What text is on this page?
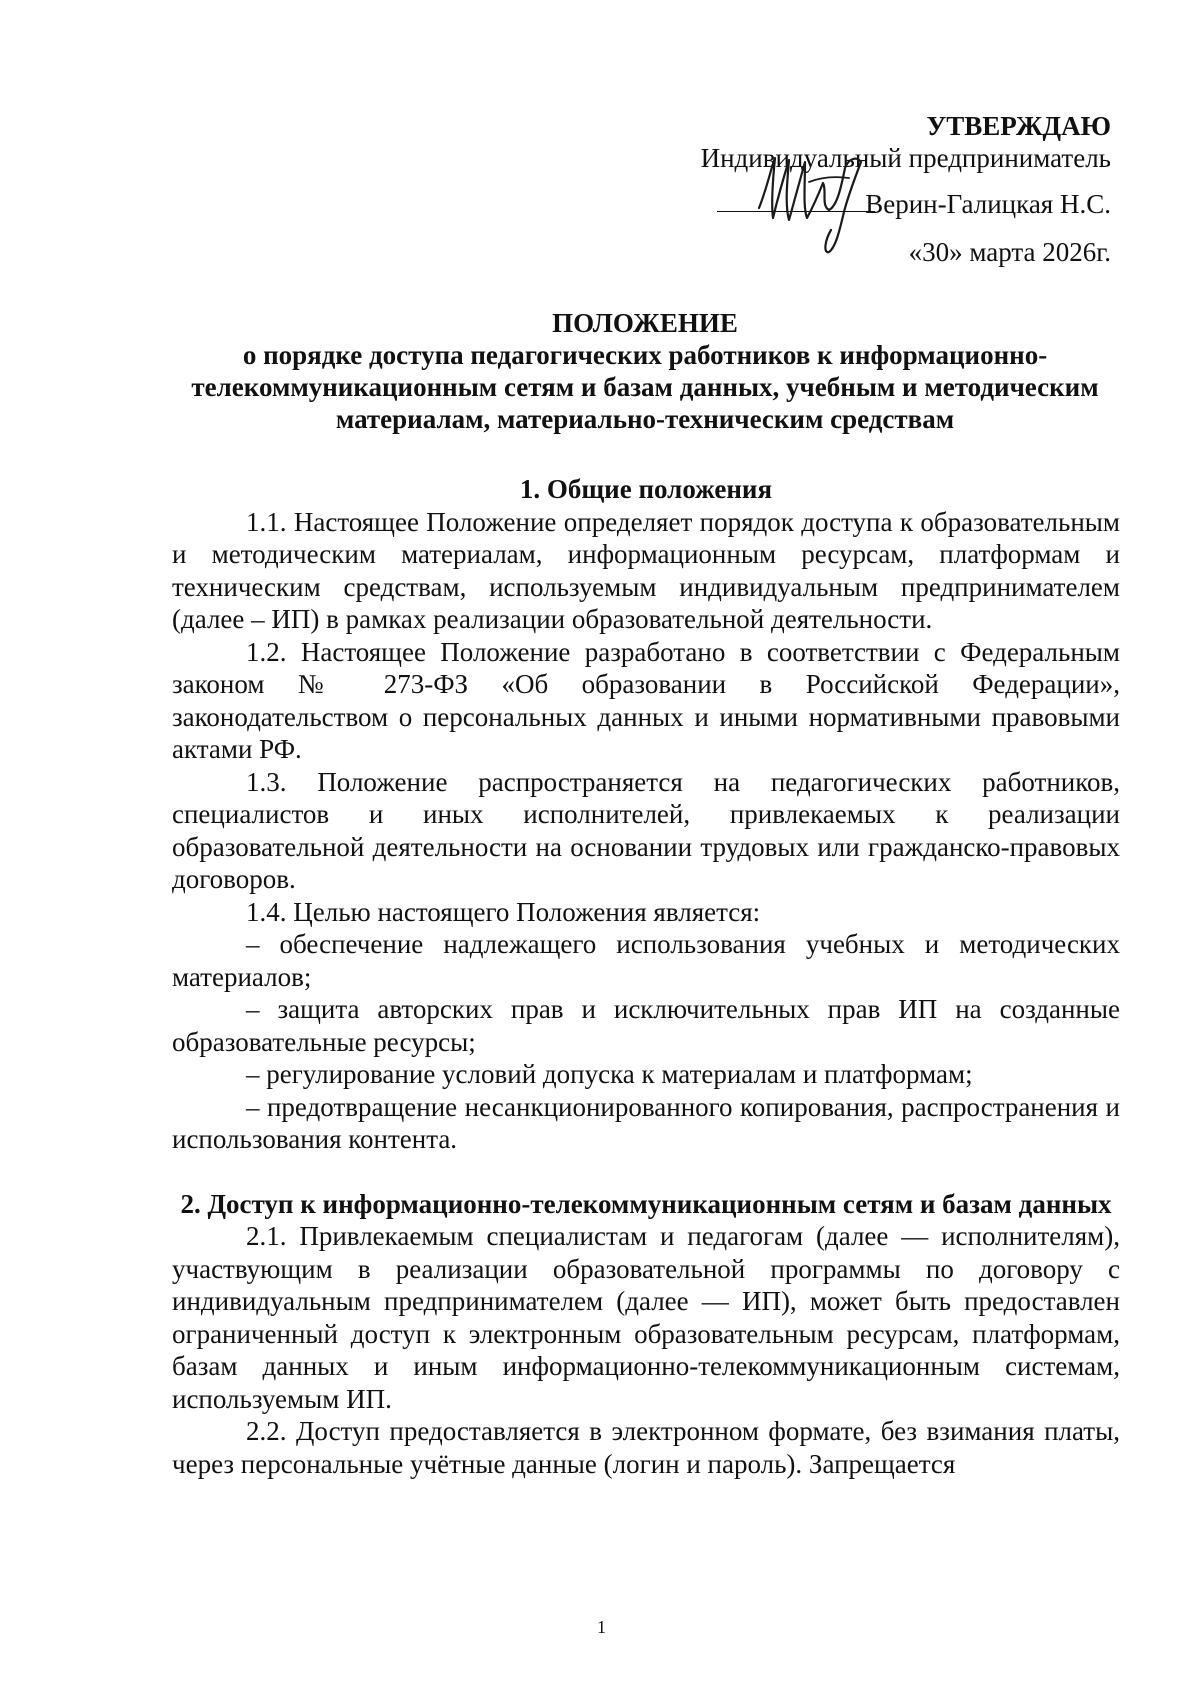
УТВЕРЖДАЮ
Индивидуальный предприниматель
Верин-Галицкая Н.С.
«30» марта 2026г.
ПОЛОЖЕНИЕ
о порядке доступа педагогических работников к информационно-телекоммуникационным сетям и базам данных, учебным и методическим материалам, материально-техническим средствам

1. Общие положения

1.1. Настоящее Положение определяет порядок доступа к образовательным и методическим материалам, информационным ресурсам, платформам и техническим средствам, используемым индивидуальным предпринимателем (далее – ИП) в рамках реализации образовательной деятельности.

1.2. Настоящее Положение разработано в соответствии с Федеральным законом № 273-ФЗ «Об образовании в Российской Федерации», законодательством о персональных данных и иными нормативными правовыми актами РФ.

1.3. Положение распространяется на педагогических работников, специалистов и иных исполнителей, привлекаемых к реализации образовательной деятельности на основании трудовых или гражданско-правовых договоров.

1.4. Целью настоящего Положения является:

– обеспечение надлежащего использования учебных и методических материалов;

– защита авторских прав и исключительных прав ИП на созданные образовательные ресурсы;

– регулирование условий допуска к материалам и платформам;

– предотвращение несанкционированного копирования, распространения и использования контента.

2. Доступ к информационно-телекоммуникационным сетям и базам данных

2.1. Привлекаемым специалистам и педагогам (далее — исполнителям), участвующим в реализации образовательной программы по договору с индивидуальным предпринимателем (далее — ИП), может быть предоставлен ограниченный доступ к электронным образовательным ресурсам, платформам, базам данных и иным информационно-телекоммуникационным системам, используемым ИП.

2.2. Доступ предоставляется в электронном формате, без взимания платы, через персональные учётные данные (логин и пароль). Запрещается

1
